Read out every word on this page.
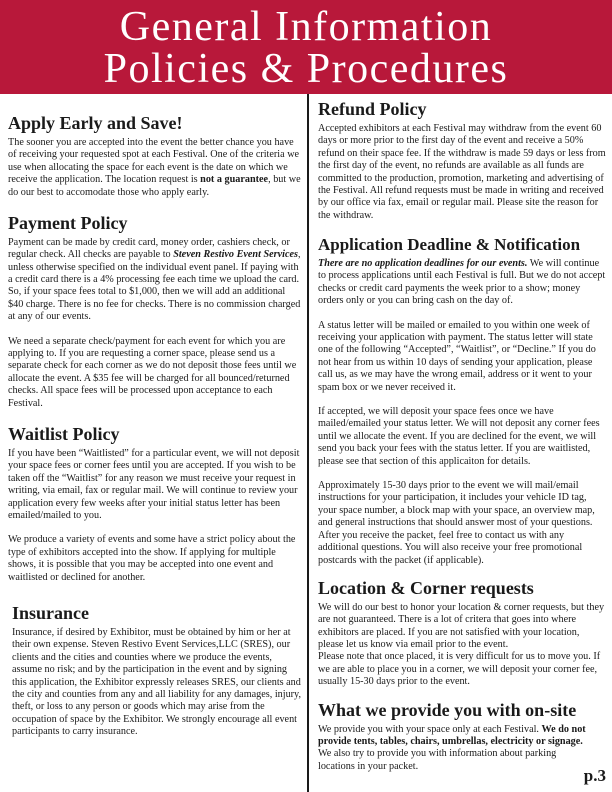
General Information
Policies & Procedures
Apply Early and Save!

The sooner you are accepted into the event the better chance you have of receiving your requested spot at each Festival. One of the criteria we use when allocating the space for each event is the date on which we receive the application. The location request is not a guarantee, but we do our best to accomodate those who apply early.

Payment Policy

Payment can be made by credit card, money order, cashiers check, or regular check. All checks are payable to Steven Restivo Event Services, unless otherwise specified on the individual event panel. If paying with a credit card there is a 4% processing fee each time we upload the card. So, if your space fees total to $1,000, then we will add an additional $40 charge. There is no fee for checks. There is no commission charged at any of our events.

We need a separate check/payment for each event for which you are applying to. If you are requesting a corner space, please send us a separate check for each corner as we do not deposit those fees until we allocate the event. A $35 fee will be charged for all bounced/returned checks. All space fees will be processed upon acceptance to each Festival.

Waitlist Policy

If you have been “Waitlisted” for a particular event, we will not deposit your space fees or corner fees until you are accepted. If you wish to be taken off the “Waitlist” for any reason we must receive your request in writing, via email, fax or regular mail. We will continue to review your application every few weeks after your initial status letter has been emailed/mailed to you.

We produce a variety of events and some have a strict policy about the type of exhibitors accepted into the show. If applying for multiple shows, it is possible that you may be accepted into one event and waitlisted or declined for another.

Insurance

Insurance, if desired by Exhibitor, must be obtained by him or her at their own expense. Steven Restivo Event Services,LLC (SRES), our clients and the cities and counties where we produce the events, assume no risk; and by the participation in the event and by signing this application, the Exhibitor expressly releases SRES, our clients and the city and counties from any and all liability for any damages, injury, theft, or loss to any person or goods which may arise from the occupation of space by the Exhibitor. We strongly encourage all event participants to carry insurance.

Refund Policy

Accepted exhibitors at each Festival may withdraw from the event 60 days or more prior to the first day of the event and receive a 50% refund on their space fee. If the withdraw is made 59 days or less from the first day of the event, no refunds are available as all funds are committed to the production, promotion, marketing and advertising of the Festival. All refund requests must be made in writing and received by our office via fax, email or regular mail. Please site the reason for the withdraw.

Application Deadline & Notification

There are no application deadlines for our events. We will continue to process applications until each Festival is full. But we do not accept checks or credit card payments the week prior to a show; money orders only or you can bring cash on the day of.

A status letter will be mailed or emailed to you within one week of receiving your application with payment. The status letter will state one of the following “Accepted”, “Waitlist”, or “Decline.” If you do not hear from us within 10 days of sending your application, please call us, as we may have the wrong email, address or it went to your spam box or we never received it.

If accepted, we will deposit your space fees once we have mailed/emailed your status letter. We will not deposit any corner fees until we allocate the event. If you are declined for the event, we will send you back your fees with the status letter. If you are waitlisted, please see that section of this applicaiton for details.

Approximately 15-30 days prior to the event we will mail/email instructions for your participation, it includes your vehicle ID tag, your space number, a block map with your space, an overview map, and general instructions that should answer most of your questions. After you receive the packet, feel free to contact us with any additional questions. You will also receive your free promotional postcards with the packet (if applicable).

Location & Corner requests

We will do our best to honor your location & corner requests, but they are not guaranteed. There is a lot of critera that goes into where exhibitors are placed. If you are not satisfied with your location, please let us know via email prior to the event.

Please note that once placed, it is very difficult for us to move you. If we are able to place you in a corner, we will deposit your corner fee, usually 15-30 days prior to the event.

What we provide you with on-site

We provide you with your space only at each Festival. We do not provide tents, tables, chairs, umbrellas, electricity or signage.

We also try to provide you with information about parking locations in your packet.	p.3
